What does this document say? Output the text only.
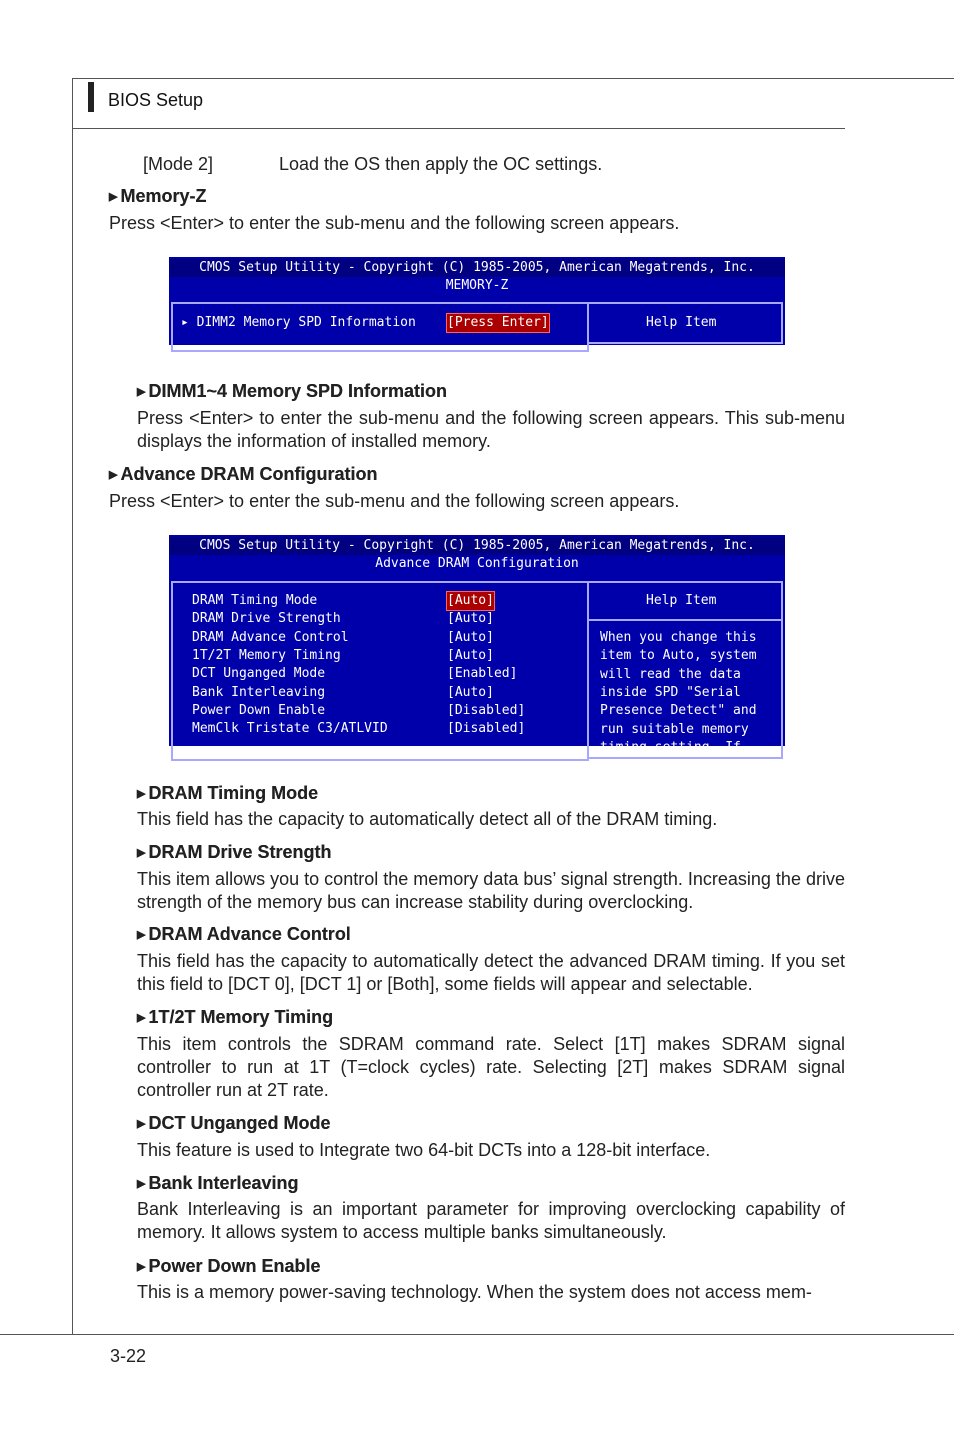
BIOS Setup
[Mode 2]	Load the OS then apply the OC settings.
▶ Memory-Z
Press <Enter> to enter the sub-menu and the following screen appears.
CMOS Setup Utility - Copyright (C) 1985-2005, American Megatrends, Inc.
MEMORY-Z
▸ DIMM2 Memory SPD Information [Press Enter]	Help Item
▶ DIMM1~4 Memory SPD Information
Press <Enter> to enter the sub-menu and the following screen appears. This sub-menu displays the information of installed memory.
▶ Advance DRAM Configuration
Press <Enter> to enter the sub-menu and the following screen appears.
CMOS Setup Utility - Copyright (C) 1985-2005, American Megatrends, Inc.
Advance DRAM Configuration
Help Item
DRAM Timing Mode	[Auto]
DRAM Drive Strength	[Auto]
DRAM Advance Control	[Auto]
1T/2T Memory Timing	[Auto]
DCT Unganged Mode	[Enabled]
Bank Interleaving	[Auto]
Power Down Enable	[Disabled]
MemClk Tristate C3/ATLVID	[Disabled]
When you change this
item to Auto, system
will read the data
inside SPD "Serial
Presence Detect" and
run suitable memory
timing setting. If
▶ DRAM Timing Mode
This field has the capacity to automatically detect all of the DRAM timing.
▶ DRAM Drive Strength
This item allows you to control the memory data bus’ signal strength. Increasing the drive strength of the memory bus can increase stability during overclocking.
▶ DRAM Advance Control
This field has the capacity to automatically detect the advanced DRAM timing. If you set this field to [DCT 0], [DCT 1] or [Both], some fields will appear and selectable.
▶ 1T/2T Memory Timing
This item controls the SDRAM command rate. Select [1T] makes SDRAM signal controller to run at 1T (T=clock cycles) rate. Selecting [2T] makes SDRAM signal controller run at 2T rate.
▶ DCT Unganged Mode
This feature is used to Integrate two 64-bit DCTs into a 128-bit interface.
▶ Bank Interleaving
Bank Interleaving is an important parameter for improving overclocking capability of memory. It allows system to access multiple banks simultaneously.
▶ Power Down Enable
This is a memory power-saving technology. When the system does not access mem-
3-22
